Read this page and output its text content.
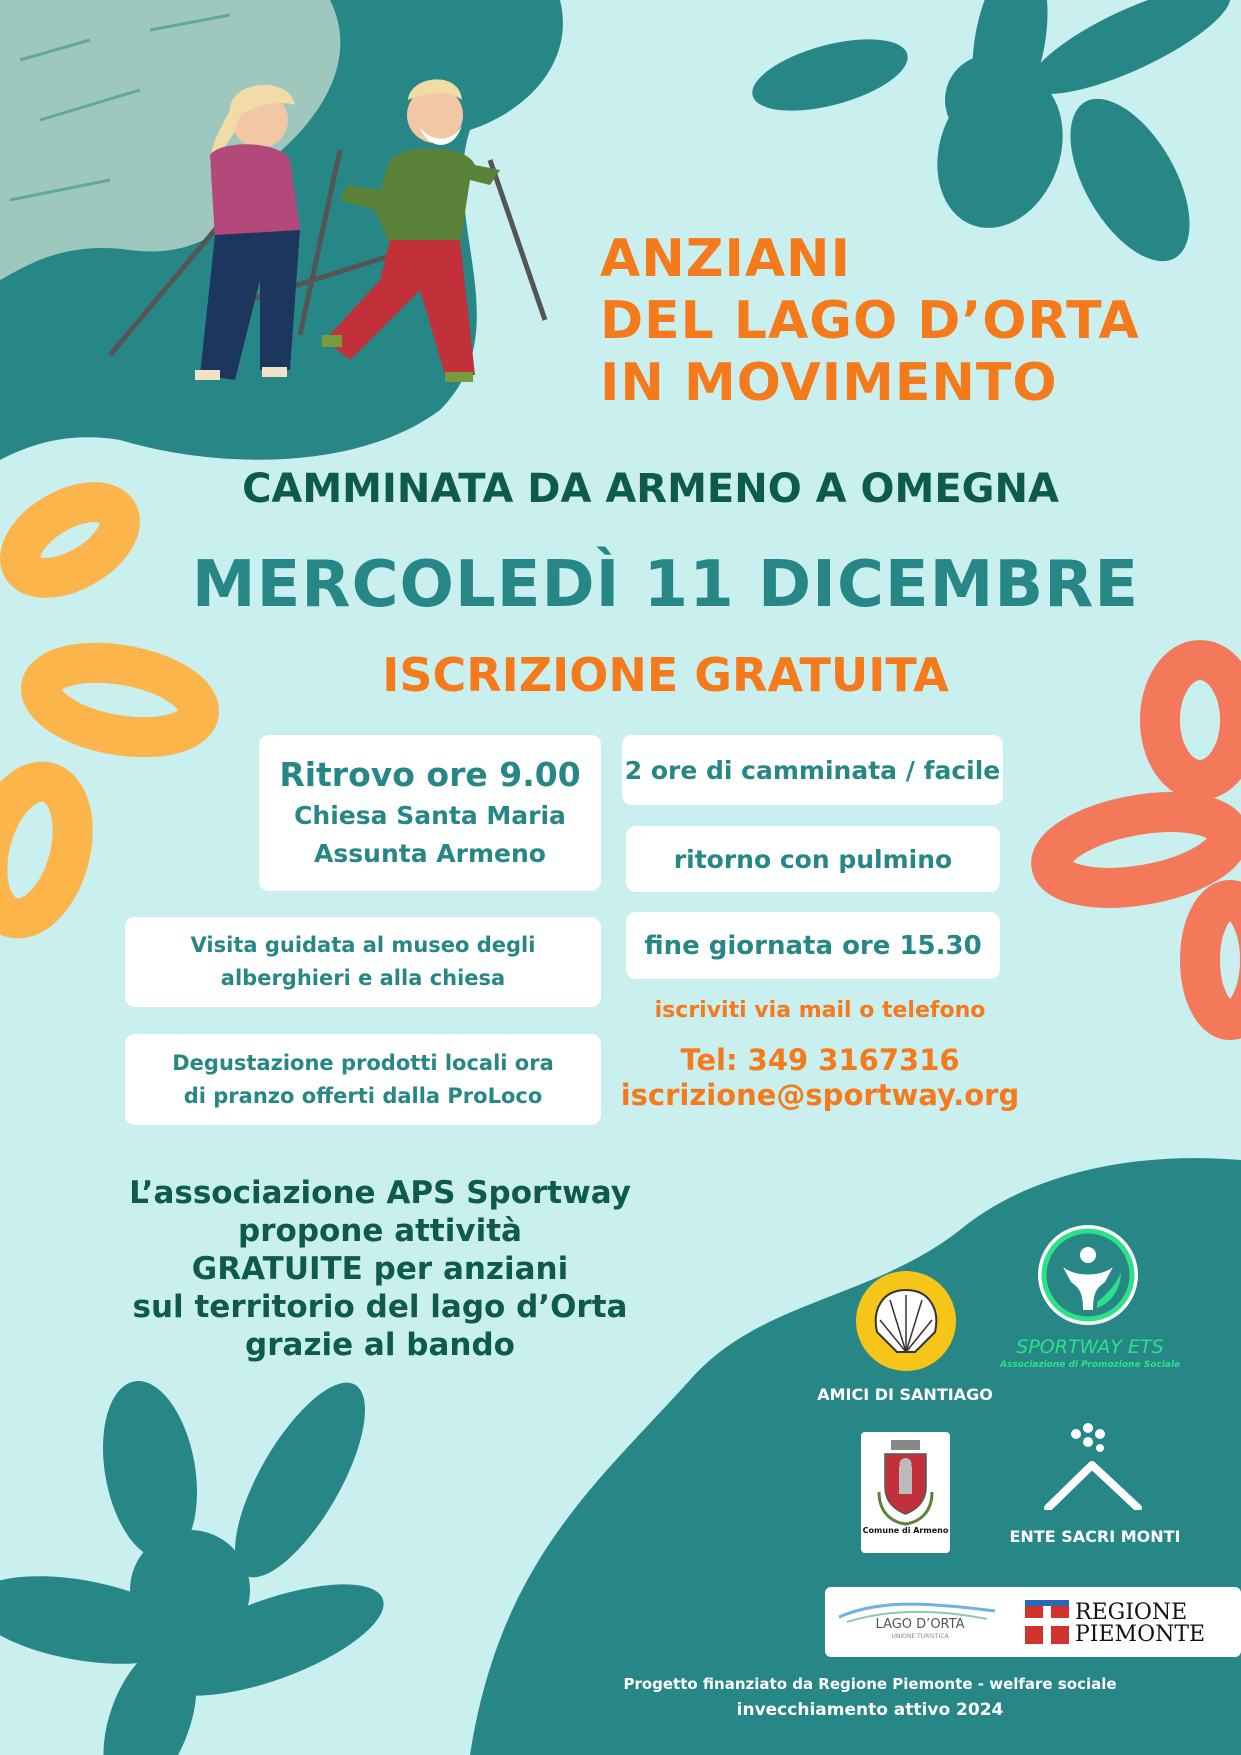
ANZIANI
DEL LAGO D’ORTA
IN MOVIMENTO
CAMMINATA DA ARMENO A OMEGNA
MERCOLEDÌ 11 DICEMBRE
ISCRIZIONE GRATUITA
Ritrovo ore 9.00
Chiesa Santa Maria
Assunta Armeno
2 ore di camminata / facile
ritorno con pulmino
fine giornata ore 15.30
Visita guidata al museo degli
alberghieri e alla chiesa
Degustazione prodotti locali ora
di pranzo offerti dalla ProLoco
iscriviti via mail o telefono
Tel: 349 3167316
iscrizione@sportway.org
L’associazione APS Sportway
propone attività
GRATUITE per anziani
sul territorio del lago d’Orta
grazie al bando
AMICI DI SANTIAGO
SPORTWAY ETS
Associazione di Promozione Sociale
Comune di Armeno	ENTE SACRI MONTI
LAGO D’ORTA
UNIONE TURISTICA
REGIONE
PIEMONTE
Progetto finanziato da Regione Piemonte - welfare sociale
invecchiamento attivo 2024
